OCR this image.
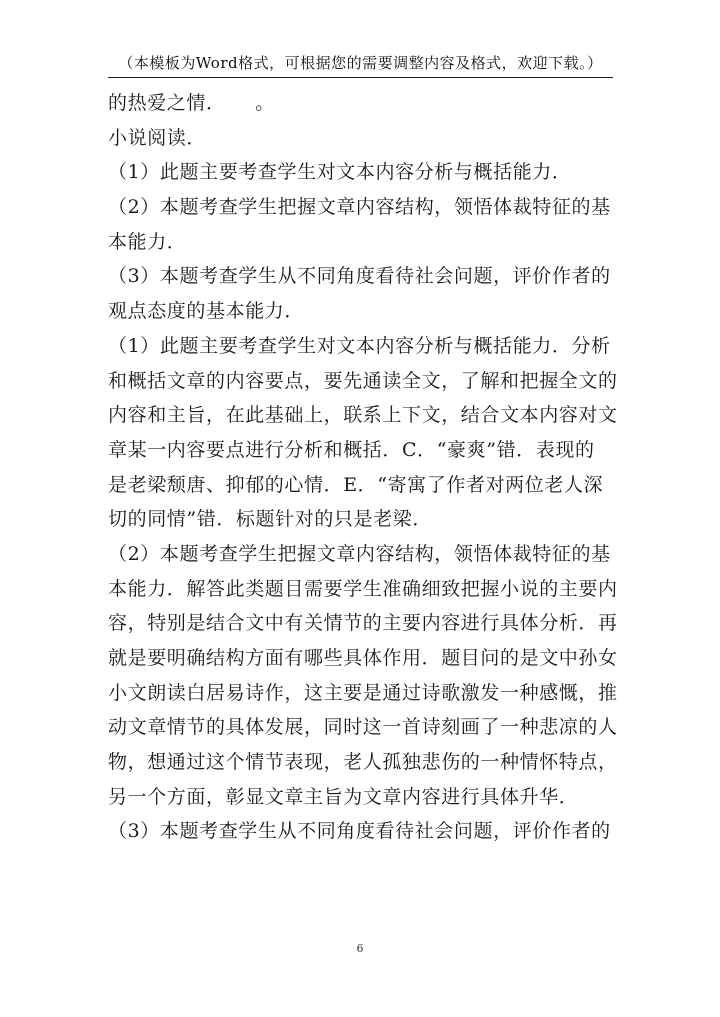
（本模板为Word格式，可根据您的需要调整内容及格式，欢迎下载。）
的热爱之情．　　。
小说阅读．
（1）此题主要考查学生对文本内容分析与概括能力．
（2）本题考查学生把握文章内容结构，领悟体裁特征的基
本能力．
（3）本题考查学生从不同角度看待社会问题，评价作者的
观点态度的基本能力．
（1）此题主要考查学生对文本内容分析与概括能力．分析
和概括文章的内容要点，要先通读全文，了解和把握全文的
内容和主旨，在此基础上，联系上下文，结合文本内容对文
章某一内容要点进行分析和概括．C．“豪爽”错．表现的
是老梁颓唐、抑郁的心情．E．“寄寓了作者对两位老人深
切的同情”错．标题针对的只是老梁．
（2）本题考查学生把握文章内容结构，领悟体裁特征的基
本能力．解答此类题目需要学生准确细致把握小说的主要内
容，特别是结合文中有关情节的主要内容进行具体分析．再
就是要明确结构方面有哪些具体作用．题目问的是文中孙女
小文朗读白居易诗作，这主要是通过诗歌激发一种感慨，推
动文章情节的具体发展，同时这一首诗刻画了一种悲凉的人
物，想通过这个情节表现，老人孤独悲伤的一种情怀特点，
另一个方面，彰显文章主旨为文章内容进行具体升华．
（3）本题考查学生从不同角度看待社会问题，评价作者的
6
